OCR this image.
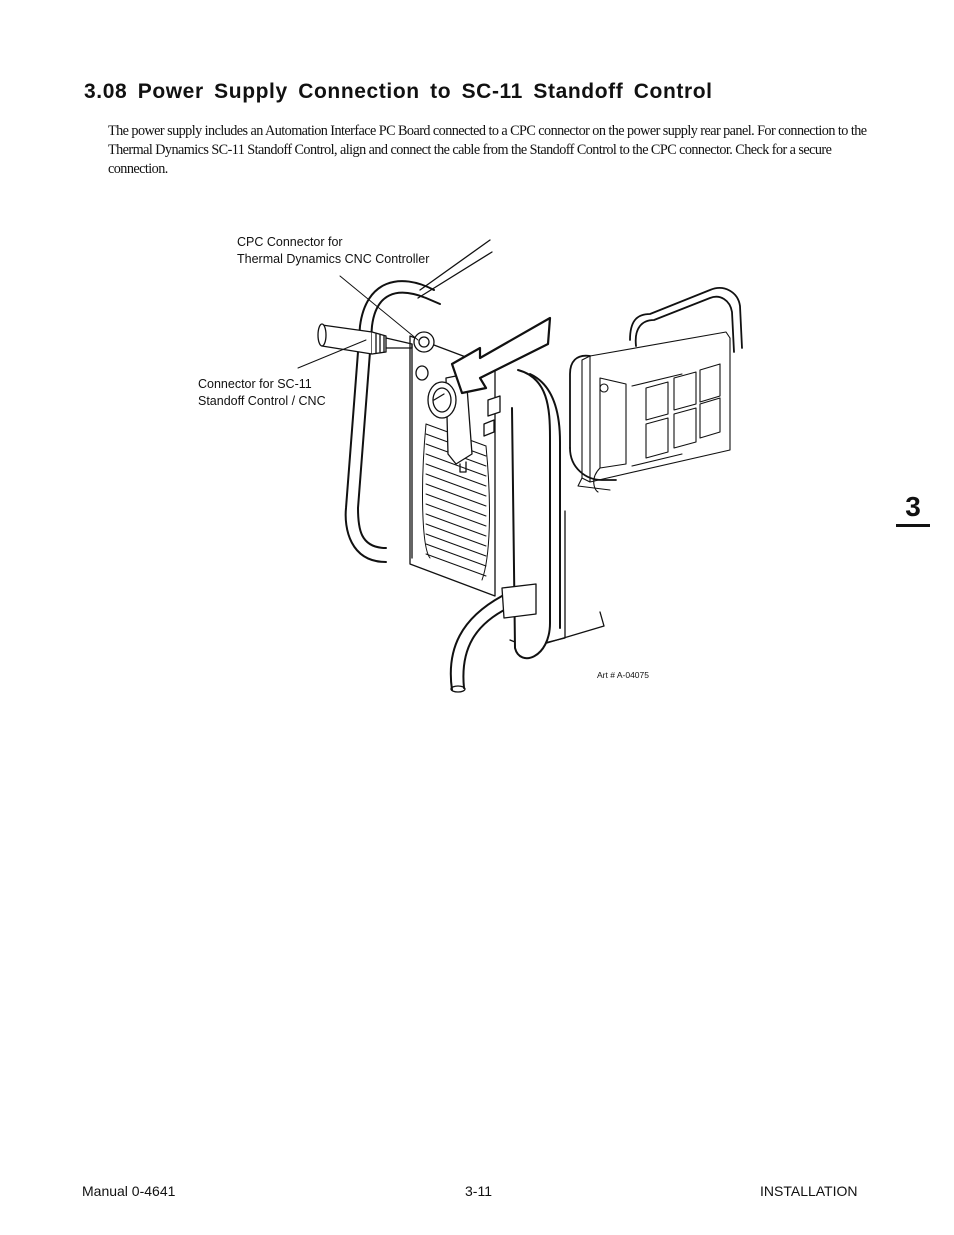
3.08 Power Supply Connection to SC-11 Standoff Control

The power supply includes an Automation Interface PC Board connected to a CPC connector on the power supply rear panel. For connection to the Thermal Dynamics SC-11 Standoff Control, align and connect the cable from the Standoff Control to the CPC connector. Check for a secure connection.

CPC Connector for
Thermal Dynamics CNC Controller
Connector for SC-11
Standoff Control / CNC
Art # A-04075
3
Manual 0-4641	3-11	INSTALLATION
